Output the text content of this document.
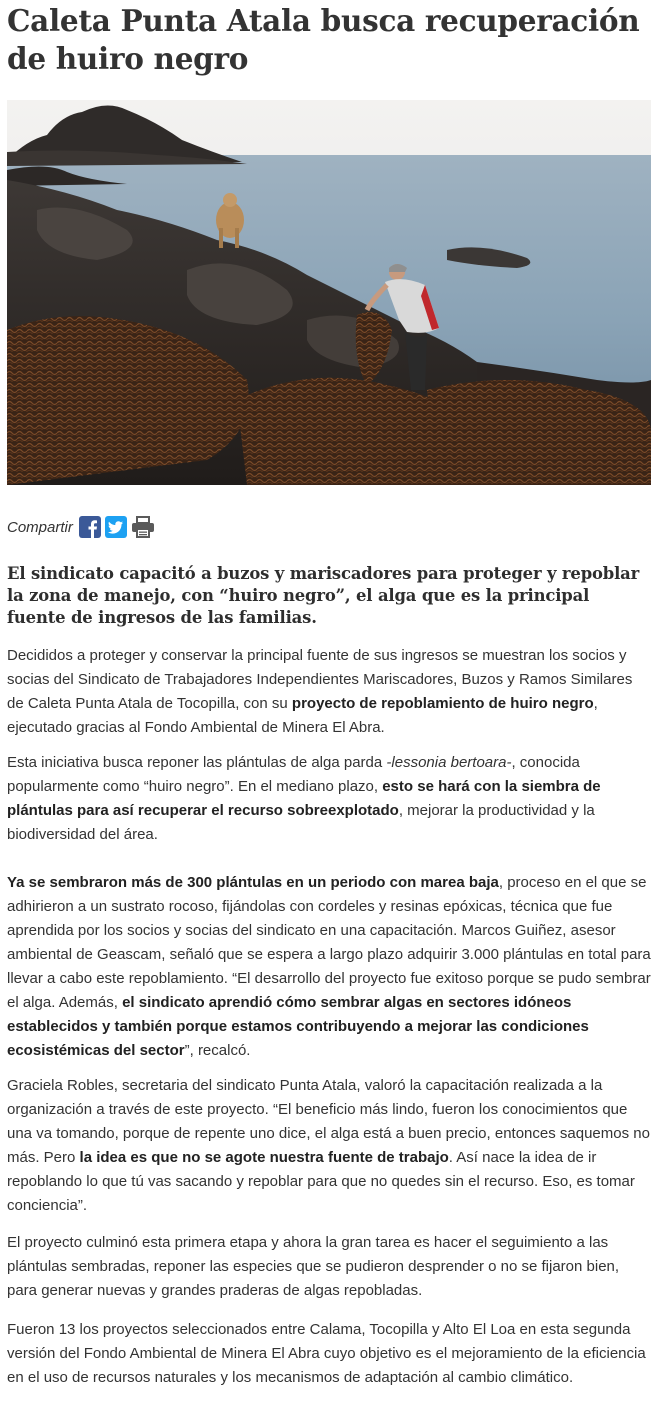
Caleta Punta Atala busca recuperación de huiro negro
Compartir

El sindicato capacitó a buzos y mariscadores para proteger y repoblar la zona de manejo, con “huiro negro”, el alga que es la principal fuente de ingresos de las familias.

Decididos a proteger y conservar la principal fuente de sus ingresos se muestran los socios y socias del Sindicato de Trabajadores Independientes Mariscadores, Buzos y Ramos Similares de Caleta Punta Atala de Tocopilla, con su proyecto de repoblamiento de huiro negro, ejecutado gracias al Fondo Ambiental de Minera El Abra.

Esta iniciativa busca reponer las plántulas de alga parda -lessonia bertoara-, conocida popularmente como “huiro negro”. En el mediano plazo, esto se hará con la siembra de plántulas para así recuperar el recurso sobreexplotado, mejorar la productividad y la biodiversidad del área.

Ya se sembraron más de 300 plántulas en un periodo con marea baja, proceso en el que se adhirieron a un sustrato rocoso, fijándolas con cordeles y resinas epóxicas, técnica que fue aprendida por los socios y socias del sindicato en una capacitación. Marcos Guiñez, asesor ambiental de Geascam, señaló que se espera a largo plazo adquirir 3.000 plántulas en total para llevar a cabo este repoblamiento. “El desarrollo del proyecto fue exitoso porque se pudo sembrar el alga. Además, el sindicato aprendió cómo sembrar algas en sectores idóneos establecidos y también porque estamos contribuyendo a mejorar las condiciones ecosistémicas del sector”, recalcó.

Graciela Robles, secretaria del sindicato Punta Atala, valoró la capacitación realizada a la organización a través de este proyecto. “El beneficio más lindo, fueron los conocimientos que una va tomando, porque de repente uno dice, el alga está a buen precio, entonces saquemos no más. Pero la idea es que no se agote nuestra fuente de trabajo. Así nace la idea de ir repoblando lo que tú vas sacando y repoblar para que no quedes sin el recurso. Eso, es tomar conciencia”.

El proyecto culminó esta primera etapa y ahora la gran tarea es hacer el seguimiento a las plántulas sembradas, reponer las especies que se pudieron desprender o no se fijaron bien, para generar nuevas y grandes praderas de algas repobladas.

Fueron 13 los proyectos seleccionados entre Calama, Tocopilla y Alto El Loa en esta segunda versión del Fondo Ambiental de Minera El Abra cuyo objetivo es el mejoramiento de la eficiencia en el uso de recursos naturales y los mecanismos de adaptación al cambio climático.
